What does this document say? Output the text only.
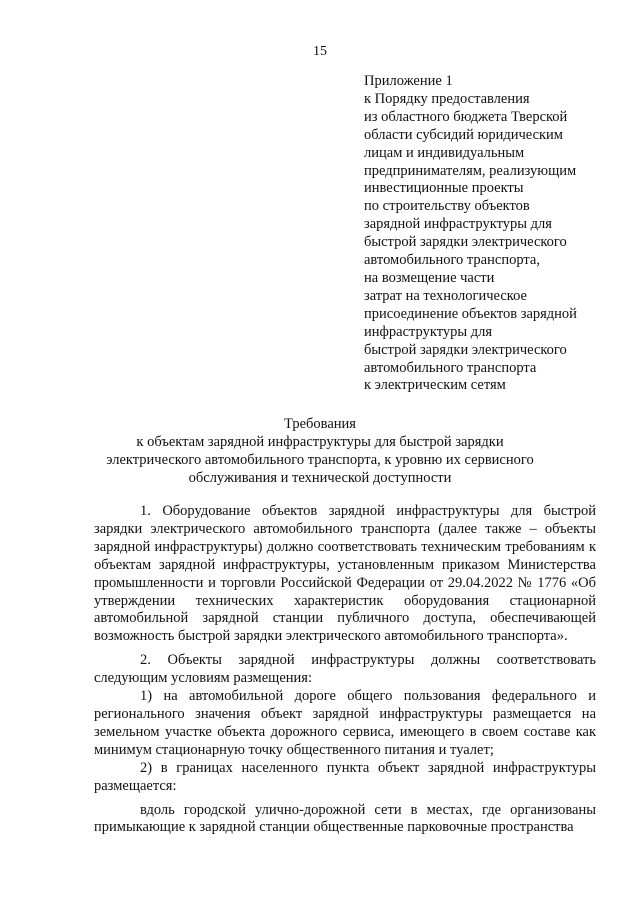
15
Приложение 1
к Порядку предоставления
из областного бюджета Тверской
области субсидий юридическим
лицам и индивидуальным
предпринимателям, реализующим
инвестиционные проекты
по строительству объектов
зарядной инфраструктуры для
быстрой зарядки электрического
автомобильного транспорта,
на возмещение части
затрат на технологическое
присоединение объектов зарядной
инфраструктуры для
быстрой зарядки электрического
автомобильного транспорта
к электрическим сетям
Требования
к объектам зарядной инфраструктуры для быстрой зарядки
электрического автомобильного транспорта, к уровню их сервисного
обслуживания и технической доступности

1. Оборудование объектов зарядной инфраструктуры для быстрой зарядки электрического автомобильного транспорта (далее также – объекты зарядной инфраструктуры) должно соответствовать техническим требованиям к объектам зарядной инфраструктуры, установленным приказом Министерства промышленности и торговли Российской Федерации от 29.04.2022 № 1776 «Об утверждении технических характеристик оборудования стационарной автомобильной зарядной станции публичного доступа, обеспечивающей возможность быстрой зарядки электрического автомобильного транспорта».

2. Объекты зарядной инфраструктуры должны соответствовать следующим условиям размещения:

1) на автомобильной дороге общего пользования федерального и регионального значения объект зарядной инфраструктуры размещается на земельном участке объекта дорожного сервиса, имеющего в своем составе как минимум стационарную точку общественного питания и туалет;

2) в границах населенного пункта объект зарядной инфраструктуры размещается:

вдоль городской улично-дорожной сети в местах, где организованы примыкающие к зарядной станции общественные парковочные пространства
